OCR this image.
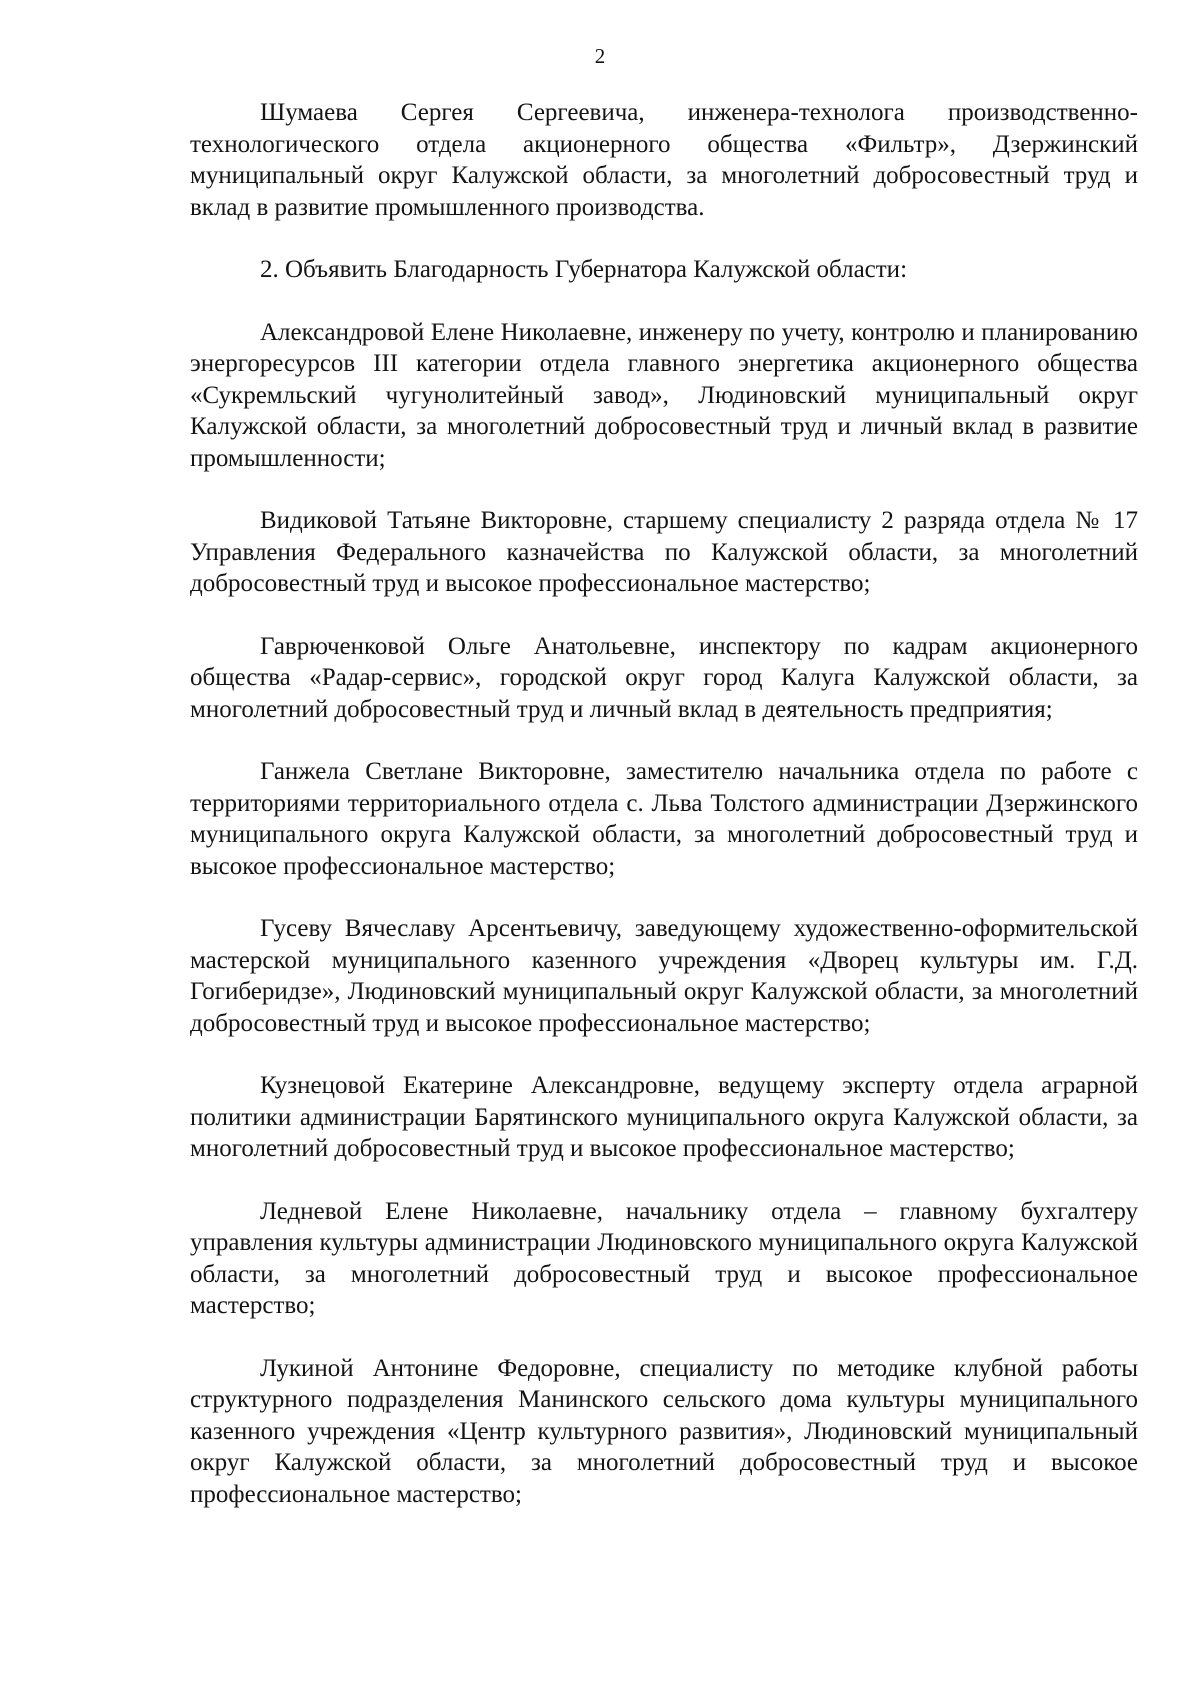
2

Шумаева Сергея Сергеевича, инженера-технолога производственно-технологического отдела акционерного общества «Фильтр», Дзержинский муниципальный округ Калужской области, за многолетний добросовестный труд и вклад в развитие промышленного производства.

2. Объявить Благодарность Губернатора Калужской области:

Александровой Елене Николаевне, инженеру по учету, контролю и планированию энергоресурсов III категории отдела главного энергетика акционерного общества «Сукремльский чугунолитейный завод», Людиновский муниципальный округ Калужской области, за многолетний добросовестный труд и личный вклад в развитие промышленности;

Видиковой Татьяне Викторовне, старшему специалисту 2 разряда отдела № 17 Управления Федерального казначейства по Калужской области, за многолетний добросовестный труд и высокое профессиональное мастерство;

Гаврюченковой Ольге Анатольевне, инспектору по кадрам акционерного общества «Радар-сервис», городской округ город Калуга Калужской области, за многолетний добросовестный труд и личный вклад в деятельность предприятия;

Ганжела Светлане Викторовне, заместителю начальника отдела по работе с территориями территориального отдела с. Льва Толстого администрации Дзержинского муниципального округа Калужской области, за многолетний добросовестный труд и высокое профессиональное мастерство;

Гусеву Вячеславу Арсентьевичу, заведующему художественно-оформительской мастерской муниципального казенного учреждения «Дворец культуры им. Г.Д. Гогиберидзе», Людиновский муниципальный округ Калужской области, за многолетний добросовестный труд и высокое профессиональное мастерство;

Кузнецовой Екатерине Александровне, ведущему эксперту отдела аграрной политики администрации Барятинского муниципального округа Калужской области, за многолетний добросовестный труд и высокое профессиональное мастерство;

Ледневой Елене Николаевне, начальнику отдела – главному бухгалтеру управления культуры администрации Людиновского муниципального округа Калужской области, за многолетний добросовестный труд и высокое профессиональное мастерство;

Лукиной Антонине Федоровне, специалисту по методике клубной работы структурного подразделения Манинского сельского дома культуры муниципального казенного учреждения «Центр культурного развития», Людиновский муниципальный округ Калужской области, за многолетний добросовестный труд и высокое профессиональное мастерство;
